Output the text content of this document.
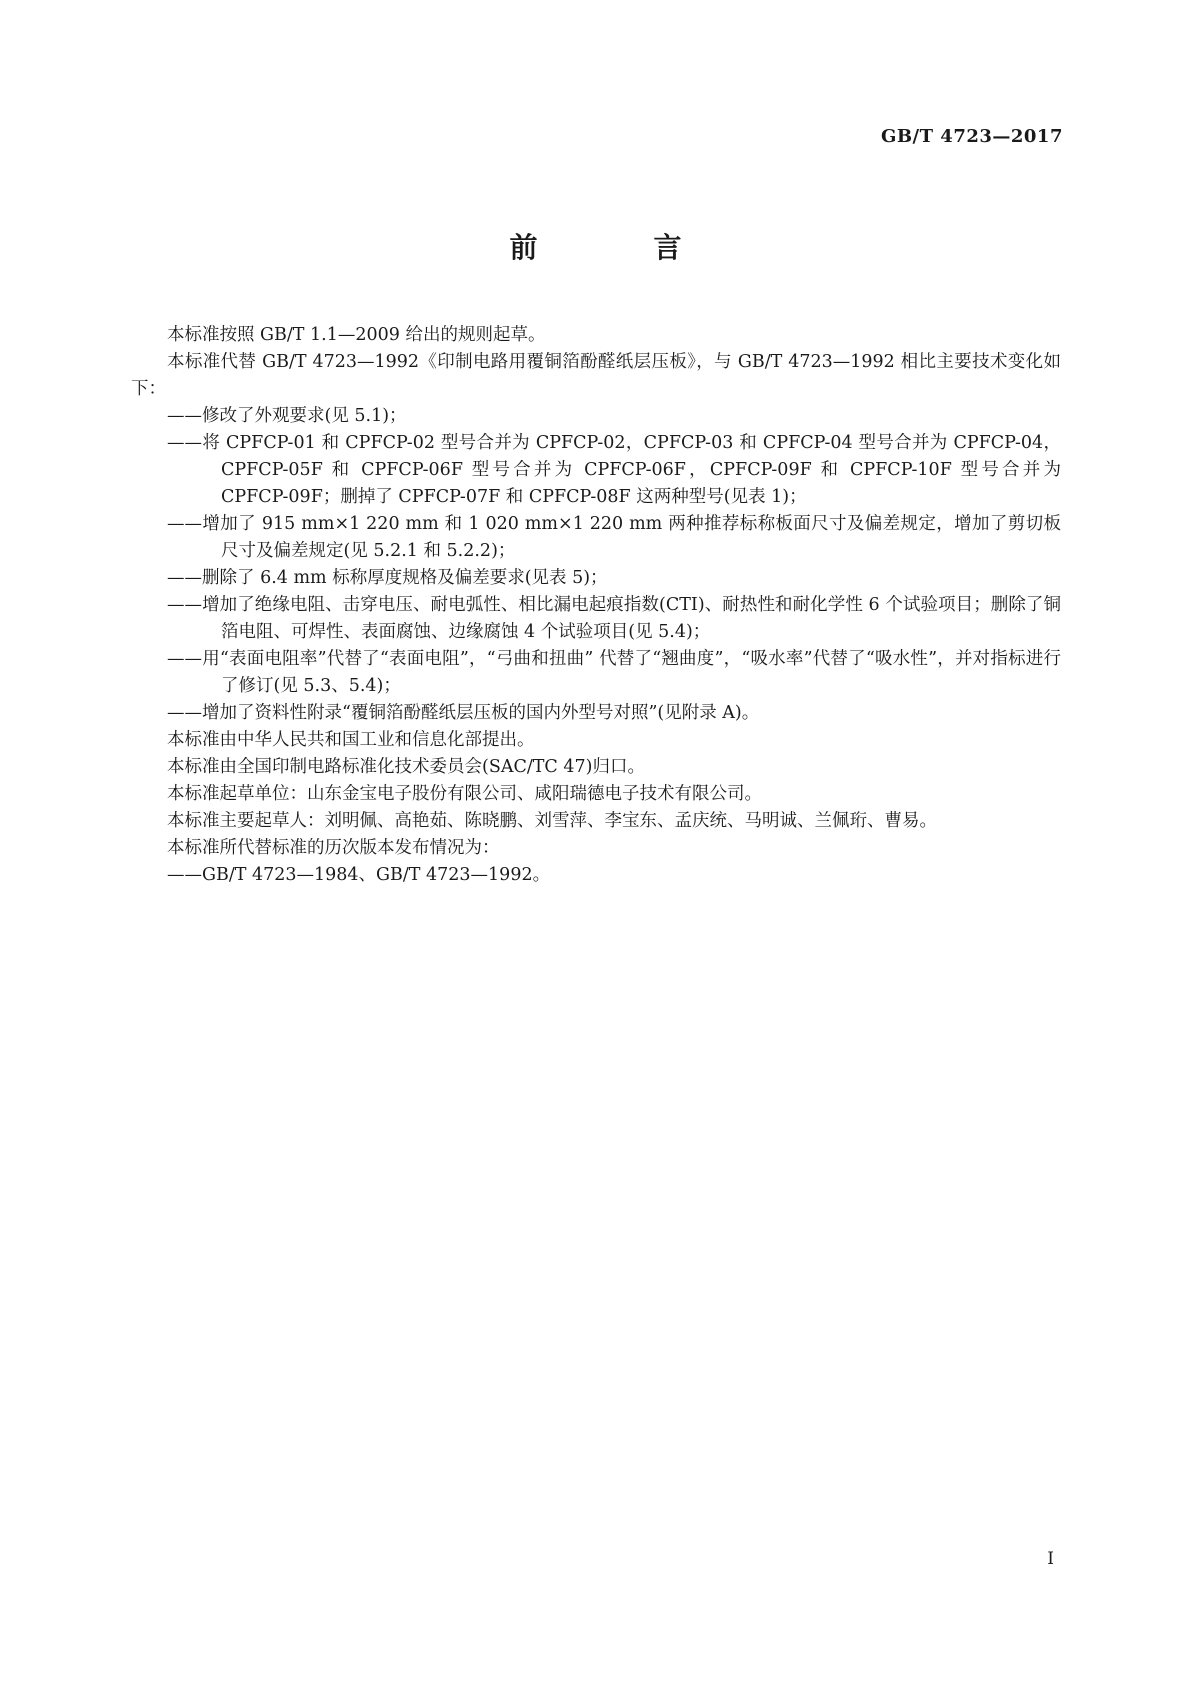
GB/T 4723—2017
前　言

本标准按照 GB/T 1.1—2009 给出的规则起草。

本标准代替 GB/T 4723—1992《印制电路用覆铜箔酚醛纸层压板》，与 GB/T 4723—1992 相比主要技术变化如下：

——修改了外观要求(见 5.1)；

——将 CPFCP-01 和 CPFCP-02 型号合并为 CPFCP-02，CPFCP-03 和 CPFCP-04 型号合并为 CPFCP-04，CPFCP-05F 和 CPFCP-06F 型号合并为 CPFCP-06F，CPFCP-09F 和 CPFCP-10F 型号合并为 CPFCP-09F；删掉了 CPFCP-07F 和 CPFCP-08F 这两种型号(见表 1)；

——增加了 915 mm×1 220 mm 和 1 020 mm×1 220 mm 两种推荐标称板面尺寸及偏差规定，增加了剪切板尺寸及偏差规定(见 5.2.1 和 5.2.2)；

——删除了 6.4 mm 标称厚度规格及偏差要求(见表 5)；

——增加了绝缘电阻、击穿电压、耐电弧性、相比漏电起痕指数(CTI)、耐热性和耐化学性 6 个试验项目；删除了铜箔电阻、可焊性、表面腐蚀、边缘腐蚀 4 个试验项目(见 5.4)；

——用“表面电阻率”代替了“表面电阻”，“弓曲和扭曲” 代替了“翘曲度”，“吸水率”代替了“吸水性”，并对指标进行了修订(见 5.3、5.4)；

——增加了资料性附录“覆铜箔酚醛纸层压板的国内外型号对照”(见附录 A)。

本标准由中华人民共和国工业和信息化部提出。

本标准由全国印制电路标准化技术委员会(SAC/TC 47)归口。

本标准起草单位：山东金宝电子股份有限公司、咸阳瑞德电子技术有限公司。

本标准主要起草人：刘明佩、高艳茹、陈晓鹏、刘雪萍、李宝东、孟庆统、马明诚、兰佩珩、曹易。

本标准所代替标准的历次版本发布情况为：

——GB/T 4723—1984、GB/T 4723—1992。

I
